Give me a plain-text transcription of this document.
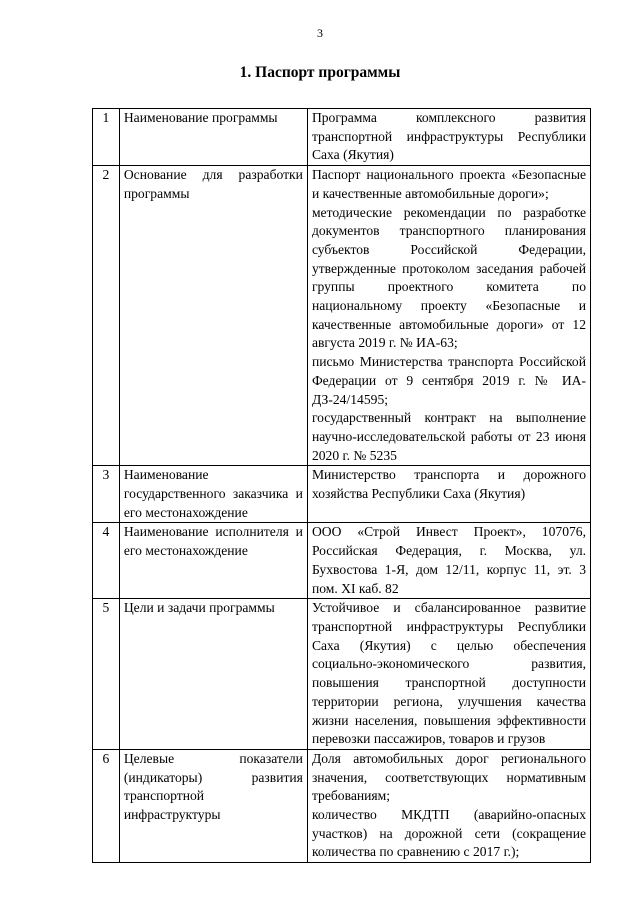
3
1. Паспорт программы
1	Наименование программы	Программа комплексного развития транспортной инфраструктуры Республики Саха (Якутия)

2	Основание для разработки программы	Паспорт национального проекта «Безопасные и качественные автомобильные дороги»;
методические рекомендации по разработке документов транспортного планирования субъектов Российской Федерации, утвержденные протоколом заседания рабочей группы проектного комитета по национальному проекту «Безопасные и качественные автомобильные дороги» от 12 августа 2019 г. № ИА-63;
письмо Министерства транспорта Российской Федерации от 9 сентября 2019 г. № ИА-ДЗ-24/14595;
государственный контракт на выполнение научно-исследовательской работы от 23 июня 2020 г. № 5235

3	Наименование государственного заказчика и его местонахождение	Министерство транспорта и дорожного хозяйства Республики Саха (Якутия)

4	Наименование исполнителя и его местонахождение	ООО «Строй Инвест Проект», 107076, Российская Федерация, г. Москва, ул. Бухвостова 1-Я, дом 12/11, корпус 11, эт. 3 пом. XI каб. 82

5	Цели и задачи программы	Устойчивое и сбалансированное развитие транспортной инфраструктуры Республики Саха (Якутия) с целью обеспечения социально-экономического развития, повышения транспортной доступности территории региона, улучшения качества жизни населения, повышения эффективности перевозки пассажиров, товаров и грузов

6	Целевые показатели (индикаторы) развития транспортной инфраструктуры	Доля автомобильных дорог регионального значения, соответствующих нормативным требованиям;
количество МКДТП (аварийно-опасных участков) на дорожной сети (сокращение количества по сравнению с 2017 г.);
